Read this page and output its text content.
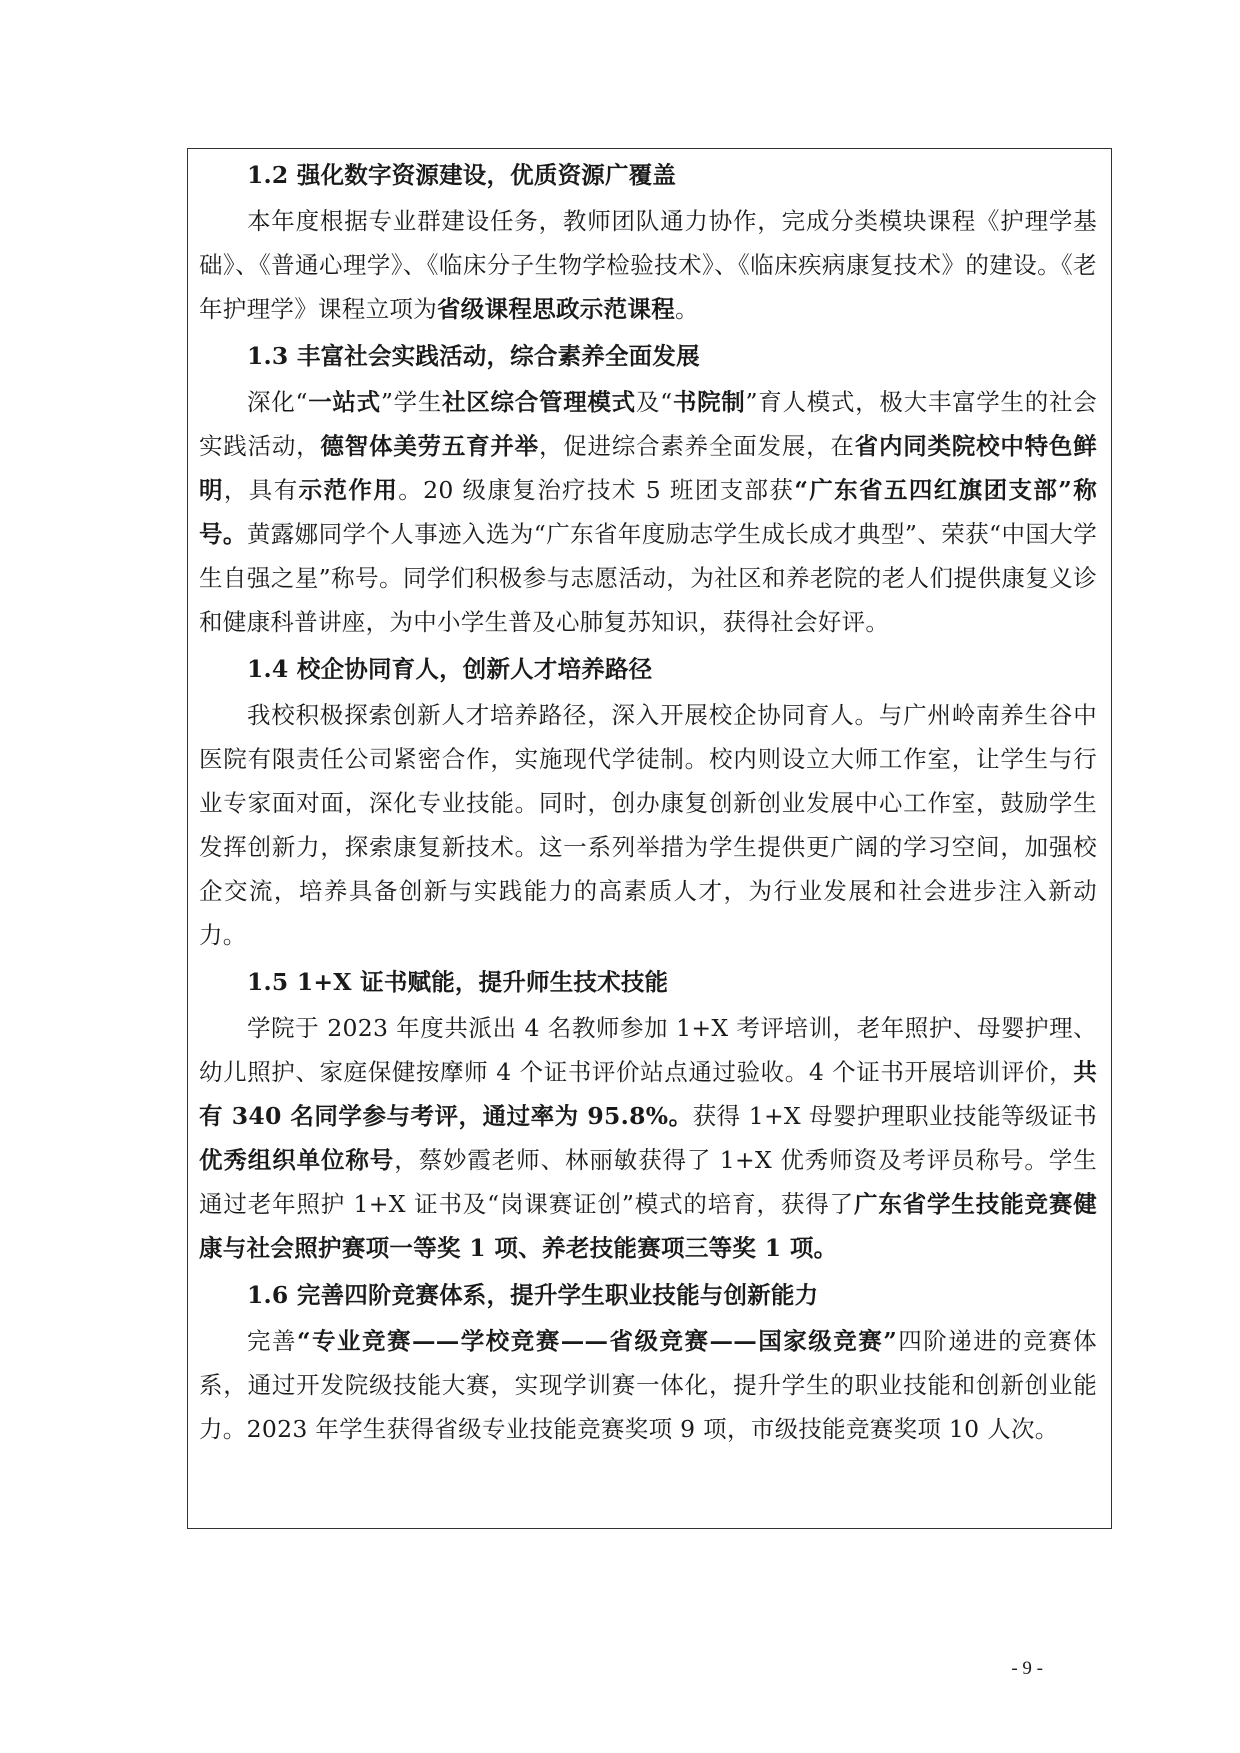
1.2 强化数字资源建设，优质资源广覆盖

本年度根据专业群建设任务，教师团队通力协作，完成分类模块课程《护理学基础》、《普通心理学》、《临床分子生物学检验技术》、《临床疾病康复技术》的建设。《老年护理学》课程立项为省级课程思政示范课程。

1.3 丰富社会实践活动，综合素养全面发展

深化“一站式”学生社区综合管理模式及“书院制”育人模式，极大丰富学生的社会实践活动，德智体美劳五育并举，促进综合素养全面发展，在省内同类院校中特色鲜明，具有示范作用。20 级康复治疗技术 5 班团支部获“广东省五四红旗团支部”称号。黄露娜同学个人事迹入选为“广东省年度励志学生成长成才典型”、荣获“中国大学生自强之星”称号。同学们积极参与志愿活动，为社区和养老院的老人们提供康复义诊和健康科普讲座，为中小学生普及心肺复苏知识，获得社会好评。

1.4 校企协同育人，创新人才培养路径

我校积极探索创新人才培养路径，深入开展校企协同育人。与广州岭南养生谷中医院有限责任公司紧密合作，实施现代学徒制。校内则设立大师工作室，让学生与行业专家面对面，深化专业技能。同时，创办康复创新创业发展中心工作室，鼓励学生发挥创新力，探索康复新技术。这一系列举措为学生提供更广阔的学习空间，加强校企交流，培养具备创新与实践能力的高素质人才，为行业发展和社会进步注入新动力。

1.5 1+X 证书赋能，提升师生技术技能

学院于 2023 年度共派出 4 名教师参加 1+X 考评培训，老年照护、母婴护理、幼儿照护、家庭保健按摩师 4 个证书评价站点通过验收。4 个证书开展培训评价，共有 340 名同学参与考评，通过率为 95.8%。获得 1+X 母婴护理职业技能等级证书优秀组织单位称号，蔡妙霞老师、林丽敏获得了 1+X 优秀师资及考评员称号。学生通过老年照护 1+X 证书及“岗课赛证创”模式的培育，获得了广东省学生技能竞赛健康与社会照护赛项一等奖 1 项、养老技能赛项三等奖 1 项。

1.6 完善四阶竞赛体系，提升学生职业技能与创新能力

完善“专业竞赛——学校竞赛——省级竞赛——国家级竞赛”四阶递进的竞赛体系，通过开发院级技能大赛，实现学训赛一体化，提升学生的职业技能和创新创业能力。2023 年学生获得省级专业技能竞赛奖项 9 项，市级技能竞赛奖项 10 人次。

- 9 -
